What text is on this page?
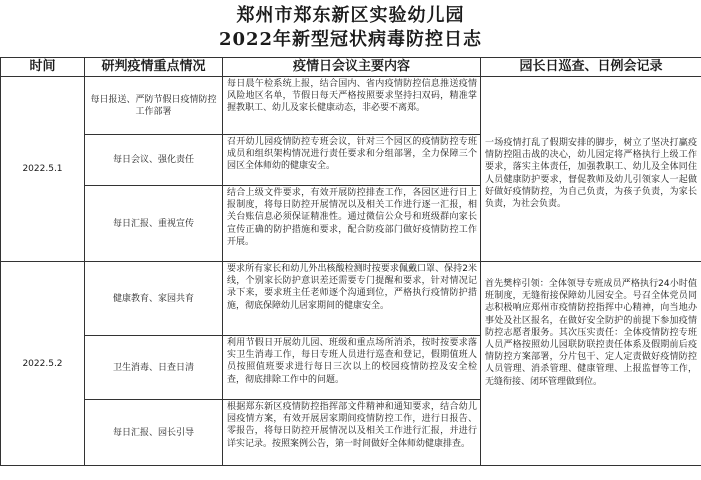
郑州市郑东新区实验幼儿园
2022年新型冠状病毒防控日志
时间	研判疫情重点情况	疫情日会议主要内容	园长日巡查、日例会记录
2022.5.1	每日报送、严防节假日疫情防控工作部署	每日晨午检系统上报，结合国内、省内疫情防控信息推送疫情风险地区名单，节假日每天严格按照要求坚持扫双码，精准掌握教职工、幼儿及家长健康动态，非必要不离郑。	一场疫情打乱了假期安排的脚步，树立了坚决打赢疫情防控阻击战的决心，幼儿园定将严格执行上级工作要求，落实主体责任，加强教职工、幼儿及全体同住人员健康防护要求，督促教师及幼儿引领家人一起做好做好疫情防控，为自己负责，为孩子负责，为家长负责，为社会负责。

	每日会议、强化责任	召开幼儿园疫情防控专班会议，针对三个园区的疫情防控专班成员和组织架构情况进行责任要求和分组部署，全力保障三个园区全体师幼的健康安全。	

	每日汇报、重视宣传	结合上级文件要求，有效开展防控排查工作，各园区进行日上报制度，将每日防控开展情况以及相关工作进行逐一汇报，相关台账信息必须保证精准性。通过微信公众号和班级群向家长宣传正确的防护措施和要求，配合防疫部门做好疫情防控工作开展。	

2022.5.2	健康教育、家园共育	要求所有家长和幼儿外出核酸检测时按要求佩戴口罩、保持2米线，个别家长防护意识差还需要专门提醒和要求，针对情况记录下来，要求班主任老师逐个沟通到位，严格执行疫情防护措施，彻底保障幼儿居家期间的健康安全。	首先樊梓引领：全体领导专班成员严格执行24小时值班制度，无缝衔接保障幼儿园安全。号召全体党员同志积极响应郑州市疫情防控指挥中心精神，向当地办事处及社区报名，在做好安全防护的前提下参加疫情防控志愿者服务。其次压实责任：全体疫情防控专班人员严格按照幼儿园联防联控责任体系及假期前后疫情防控方案部署，分片包干、定人定责做好疫情防控人员管理、消杀管理、健康管理、上报监督等工作，无缝衔接、闭环管理做到位。

	卫生消毒、日查日清	利用节假日开展幼儿园、班级和重点场所消杀，按时按要求落实卫生消毒工作，每日专班人员进行巡查和登记，假期值班人员按照值班要求进行每日三次以上的校园疫情防控及安全检查，彻底排除工作中的问题。	

	每日汇报、园长引导	根据郑东新区疫情防控指挥部文件精神和通知要求，结合幼儿园疫情方案，有效开展居家期间疫情防控工作，进行日报告、零报告，将每日防控开展情况以及相关工作进行汇报，并进行详实记录。按照案例公告，第一时间做好全体师幼健康排查。	
